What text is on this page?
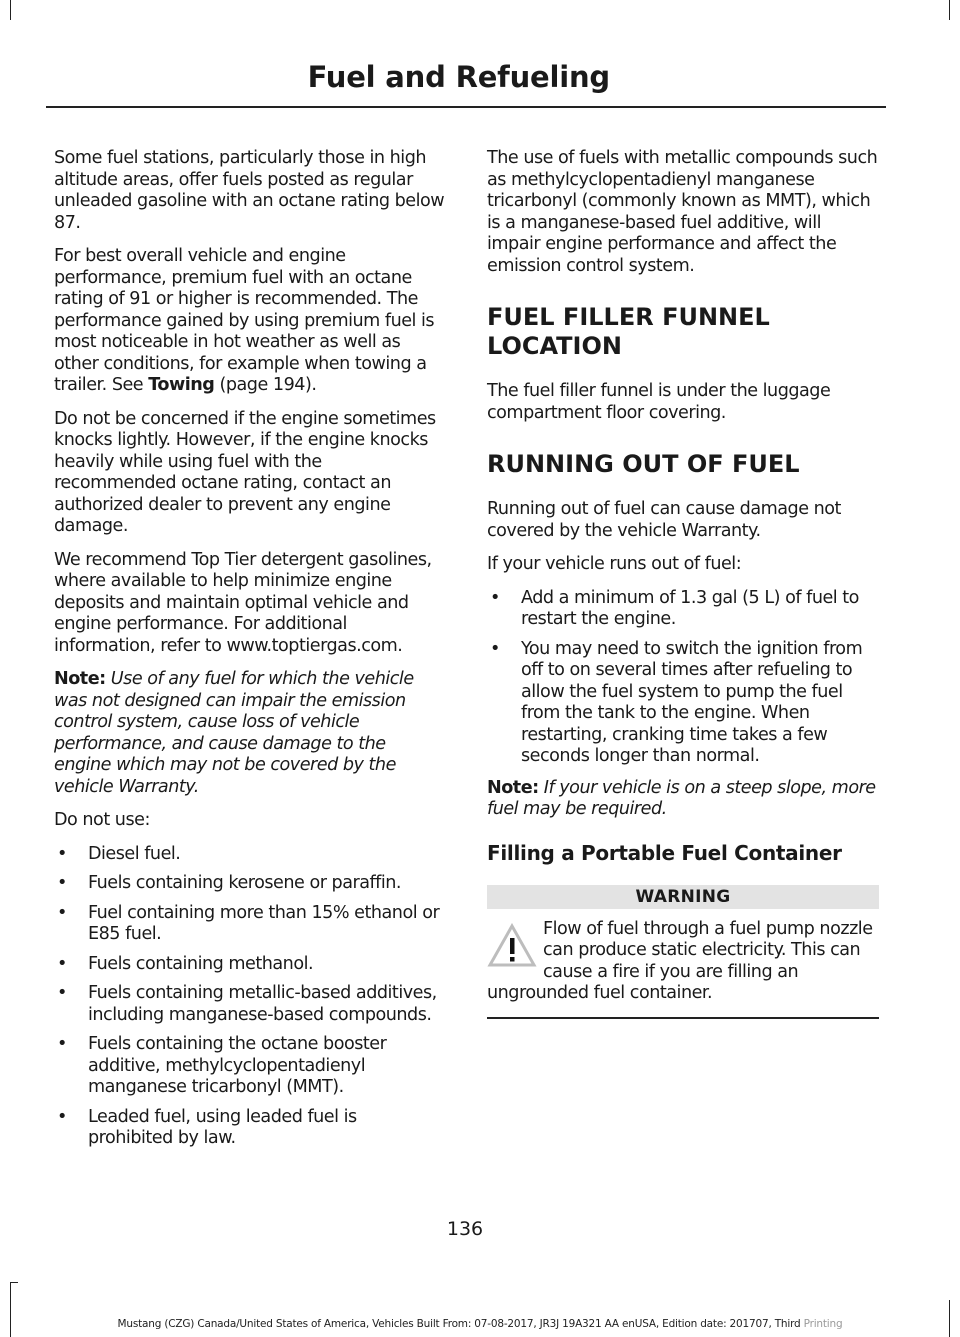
Fuel and Refueling

Some fuel stations, particularly those in high altitude areas, offer fuels posted as regular unleaded gasoline with an octane rating below 87.

For best overall vehicle and engine performance, premium fuel with an octane rating of 91 or higher is recommended. The performance gained by using premium fuel is most noticeable in hot weather as well as other conditions, for example when towing a trailer. See Towing (page 194).

Do not be concerned if the engine sometimes knocks lightly. However, if the engine knocks heavily while using fuel with the recommended octane rating, contact an authorized dealer to prevent any engine damage.

We recommend Top Tier detergent gasolines, where available to help minimize engine deposits and maintain optimal vehicle and engine performance. For additional information, refer to www.toptiergas.com.

Note: Use of any fuel for which the vehicle was not designed can impair the emission control system, cause loss of vehicle performance, and cause damage to the engine which may not be covered by the vehicle Warranty.

Do not use:

• Diesel fuel.
• Fuels containing kerosene or paraffin.
• Fuel containing more than 15% ethanol or E85 fuel.
• Fuels containing methanol.
• Fuels containing metallic-based additives, including manganese-based compounds.
• Fuels containing the octane booster additive, methylcyclopentadienyl manganese tricarbonyl (MMT).
• Leaded fuel, using leaded fuel is prohibited by law.

The use of fuels with metallic compounds such as methylcyclopentadienyl manganese tricarbonyl (commonly known as MMT), which is a manganese-based fuel additive, will impair engine performance and affect the emission control system.

FUEL FILLER FUNNEL LOCATION

The fuel filler funnel is under the luggage compartment floor covering.

RUNNING OUT OF FUEL

Running out of fuel can cause damage not covered by the vehicle Warranty.

If your vehicle runs out of fuel:

• Add a minimum of 1.3 gal (5 L) of fuel to restart the engine.
• You may need to switch the ignition from off to on several times after refueling to allow the fuel system to pump the fuel from the tank to the engine. When restarting, cranking time takes a few seconds longer than normal.

Note: If your vehicle is on a steep slope, more fuel may be required.

Filling a Portable Fuel Container
WARNING
Flow of fuel through a fuel pump nozzle can produce static electricity. This can cause a fire if you are filling an ungrounded fuel container.
136
Mustang (CZG) Canada/United States of America, Vehicles Built From: 07-08-2017, JR3J 19A321 AA enUSA, Edition date: 201707, Third Printing
